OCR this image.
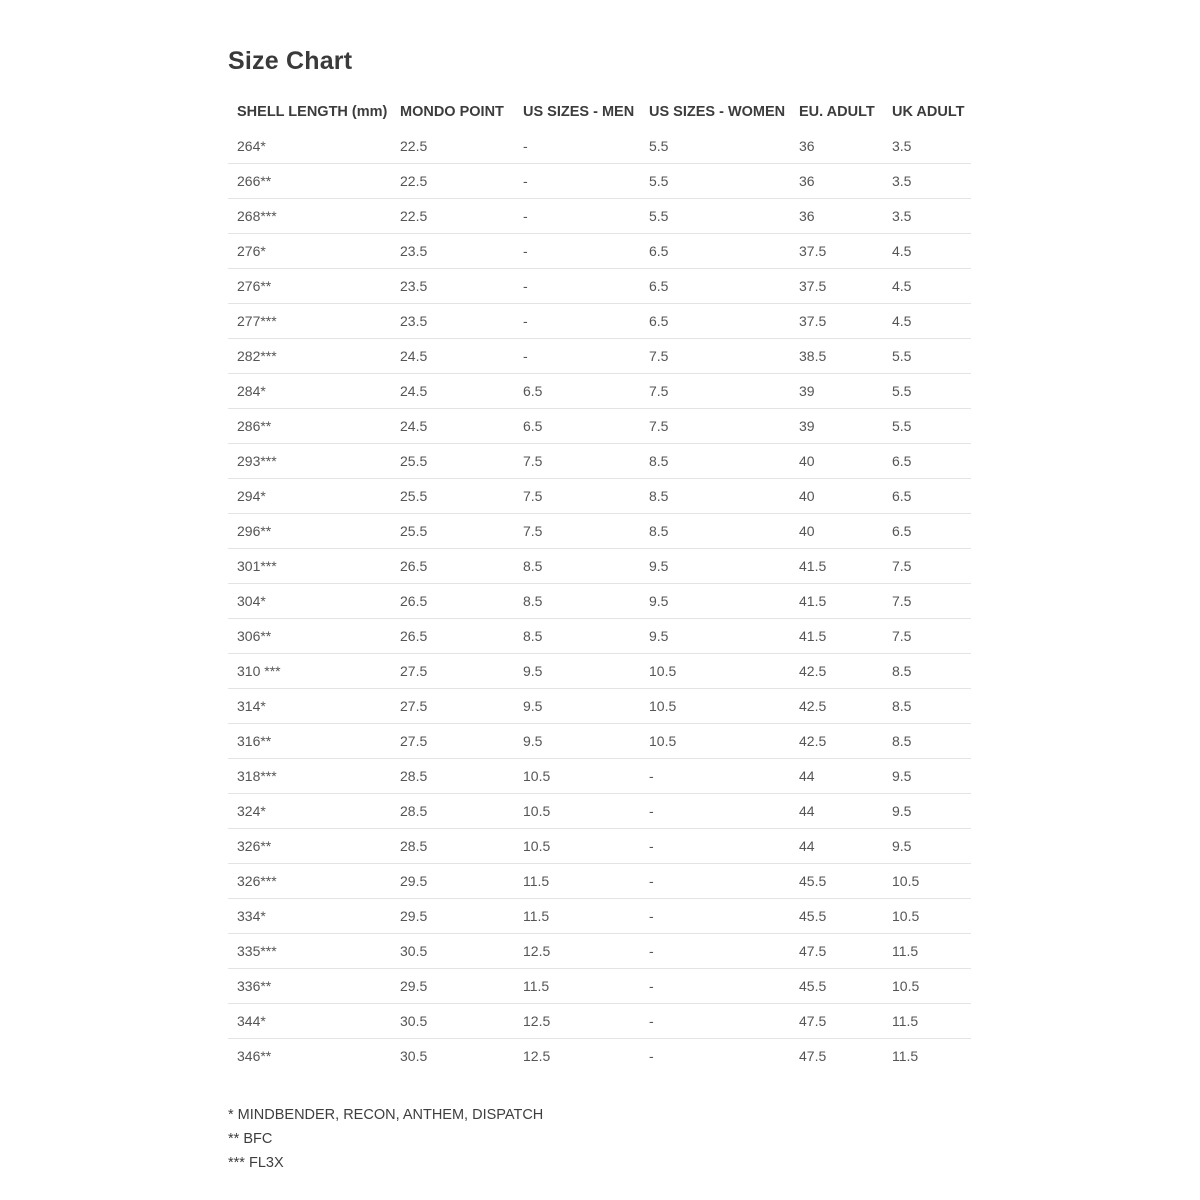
Size Chart
SHELL LENGTH (mm)	MONDO POINT	US SIZES - MEN	US SIZES - WOMEN	EU. ADULT	UK ADULT
264*	22.5	-	5.5	36	3.5
266**	22.5	-	5.5	36	3.5
268***	22.5	-	5.5	36	3.5
276*	23.5	-	6.5	37.5	4.5
276**	23.5	-	6.5	37.5	4.5
277***	23.5	-	6.5	37.5	4.5
282***	24.5	-	7.5	38.5	5.5
284*	24.5	6.5	7.5	39	5.5
286**	24.5	6.5	7.5	39	5.5
293***	25.5	7.5	8.5	40	6.5
294*	25.5	7.5	8.5	40	6.5
296**	25.5	7.5	8.5	40	6.5
301***	26.5	8.5	9.5	41.5	7.5
304*	26.5	8.5	9.5	41.5	7.5
306**	26.5	8.5	9.5	41.5	7.5
310 ***	27.5	9.5	10.5	42.5	8.5
314*	27.5	9.5	10.5	42.5	8.5
316**	27.5	9.5	10.5	42.5	8.5
318***	28.5	10.5	-	44	9.5
324*	28.5	10.5	-	44	9.5
326**	28.5	10.5	-	44	9.5
326***	29.5	11.5	-	45.5	10.5
334*	29.5	11.5	-	45.5	10.5
335***	30.5	12.5	-	47.5	11.5
336**	29.5	11.5	-	45.5	10.5
344*	30.5	12.5	-	47.5	11.5
346**	30.5	12.5	-	47.5	11.5
* MINDBENDER, RECON, ANTHEM, DISPATCH
** BFC
*** FL3X
